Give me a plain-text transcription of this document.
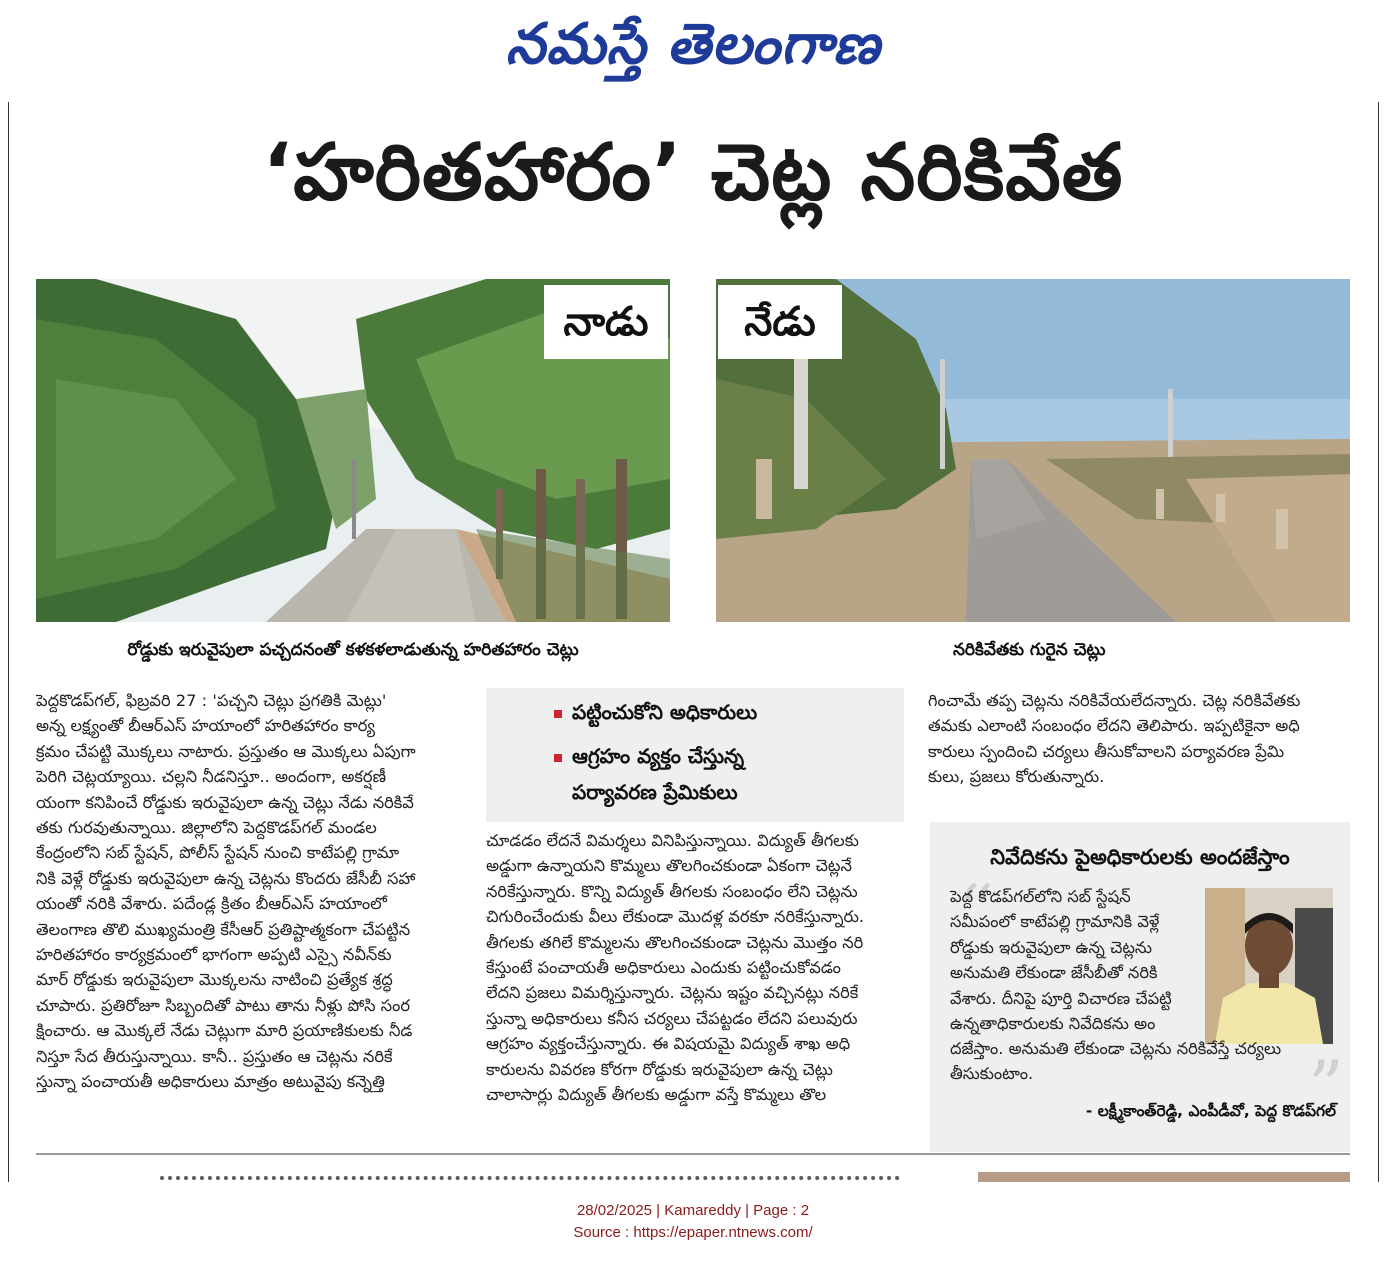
నమస్తే తెలంగాణ
‘హరితహారం’ చెట్ల నరికివేత
నాడు	నేడు
రోడ్డుకు ఇరువైపులా పచ్చదనంతో కళకళలాడుతున్న హరితహారం చెట్లు	నరికివేతకు గురైన చెట్లు
పెద్దకొడప్‌గల్, ఫిబ్రవరి 27 : 'పచ్చని చెట్లు ప్రగతికి మెట్లు'
అన్న లక్ష్యంతో బీఆర్‌ఎస్ హయాంలో హరితహారం కార్య
క్రమం చేపట్టి మొక్కలు నాటారు. ప్రస్తుతం ఆ మొక్కలు ఏపుగా
పెరిగి చెట్లయ్యాయి. చల్లని నీడనిస్తూ.. అందంగా, అకర్షణీ
యంగా కనిపించే రోడ్డుకు ఇరువైపులా ఉన్న చెట్లు నేడు నరికివే
తకు గురవుతున్నాయి. జిల్లాలోని పెద్దకొడప్‌గల్ మండల
కేంద్రంలోని సబ్ స్టేషన్, పోలీస్ స్టేషన్ నుంచి కాటేపల్లి గ్రామా
నికి వెళ్లే రోడ్డుకు ఇరువైపులా ఉన్న చెట్లను కొందరు జేసీబీ సహా
యంతో నరికి వేశారు. పదేండ్ల క్రితం బీఆర్‌ఎస్ హయాంలో
తెలంగాణ తొలి ముఖ్యమంత్రి కేసీఆర్ ప్రతిష్టాత్మకంగా చేపట్టిన
హరితహారం కార్యక్రమంలో భాగంగా అప్పటి ఎస్సై నవీన్‌కు
మార్ రోడ్డుకు ఇరువైపులా మొక్కలను నాటించి ప్రత్యేక శ్రద్ధ
చూపారు. ప్రతిరోజూ సిబ్బందితో పాటు తాను నీళ్లు పోసి సంర
క్షించారు. ఆ మొక్కలే నేడు చెట్లుగా మారి ప్రయాణికులకు నీడ
నిస్తూ సేద తీరుస్తున్నాయి. కానీ.. ప్రస్తుతం ఆ చెట్లను నరికే
స్తున్నా పంచాయతీ అధికారులు మాత్రం అటువైపు కన్నెత్తి
పట్టించుకోని అధికారులు
ఆగ్రహం వ్యక్తం చేస్తున్న
పర్యావరణ ప్రేమికులు
చూడడం లేదనే విమర్శలు వినిపిస్తున్నాయి. విద్యుత్ తీగలకు
అడ్డుగా ఉన్నాయని కొమ్మలు తొలగించకుండా ఏకంగా చెట్లనే
నరికేస్తున్నారు. కొన్ని విద్యుత్ తీగలకు సంబంధం లేని చెట్లను
చిగురించేందుకు వీలు లేకుండా మొదళ్ల వరకూ నరికేస్తున్నారు.
తీగలకు తగిలే కొమ్మలను తొలగించకుండా చెట్లను మొత్తం నరి
కేస్తుంటే పంచాయతీ అధికారులు ఎందుకు పట్టించుకోవడం
లేదని ప్రజలు విమర్శిస్తున్నారు. చెట్లను ఇష్టం వచ్చినట్లు నరికే
స్తున్నా అధికారులు కనీస చర్యలు చేపట్టడం లేదని పలువురు
ఆగ్రహం వ్యక్తంచేస్తున్నారు. ఈ విషయమై విద్యుత్ శాఖ అధి
కారులను వివరణ కోరగా రోడ్డుకు ఇరువైపులా ఉన్న చెట్లు
చాలాసార్లు విద్యుత్ తీగలకు అడ్డుగా వస్తే కొమ్మలు తొల
గించామే తప్ప చెట్లను నరికివేయలేదన్నారు. చెట్ల నరికివేతకు
తమకు ఎలాంటి సంబంధం లేదని తెలిపారు. ఇప్పటికైనా అధి
కారులు స్పందించి చర్యలు తీసుకోవాలని పర్యావరణ ప్రేమి
కులు, ప్రజలు కోరుతున్నారు.
నివేదికను పైఅధికారులకు అందజేస్తాం
“
పెద్ద కొడప్‌గల్‌లోని సబ్ స్టేషన్
సమీపంలో కాటేపల్లి గ్రామానికి వెళ్లే
రోడ్డుకు ఇరువైపులా ఉన్న చెట్లను
అనుమతి లేకుండా జేసీబీతో నరికి
వేశారు. దీనిపై పూర్తి విచారణ చేపట్టి
ఉన్నతాధికారులకు నివేదికను అం
దజేస్తాం. అనుమతి లేకుండా చెట్లను నరికివేస్తే చర్యలు
తీసుకుంటాం.	”
- లక్ష్మీకాంత్‌రెడ్డి, ఎంపీడీవో, పెద్ద కొడప్‌గల్
28/02/2025 | Kamareddy | Page : 2
Source : https://epaper.ntnews.com/
